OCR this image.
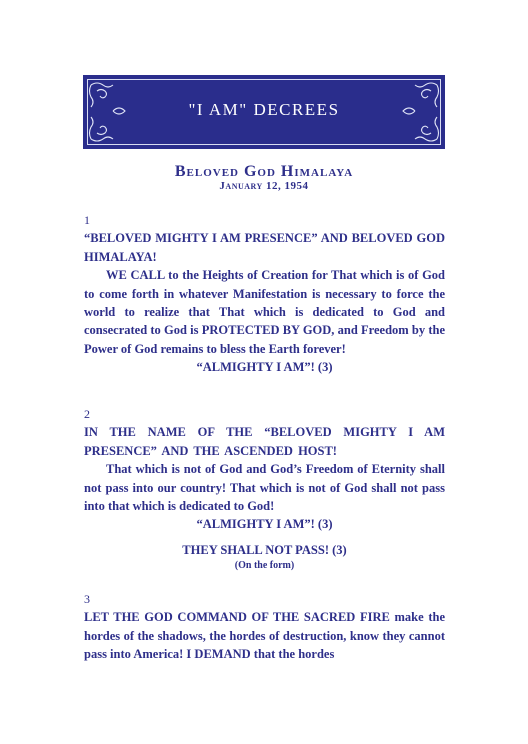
"I AM" DECREES
Beloved God Himalaya
January 12, 1954
1
“BELOVED MIGHTY I AM PRESENCE” AND BELOVED GOD HIMALAYA!
WE CALL to the Heights of Creation for That which is of God to come forth in whatever Manifestation is necessary to force the world to realize that That which is dedicated to God and consecrated to God is PROTECTED BY GOD, and Freedom by the Power of God remains to bless the Earth forever!
“ALMIGHTY I AM”! (3)
2
IN THE NAME OF THE “BELOVED MIGHTY I AM PRESENCE” AND THE ASCENDED HOST!
That which is not of God and God’s Freedom of Eternity shall not pass into our country! That which is not of God shall not pass into that which is dedicated to God!
“ALMIGHTY I AM”! (3)
THEY SHALL NOT PASS! (3)
(On the form)
3
LET THE GOD COMMAND OF THE SACRED FIRE make the hordes of the shadows, the hordes of destruction, know they cannot pass into America! I DEMAND that the hordes
